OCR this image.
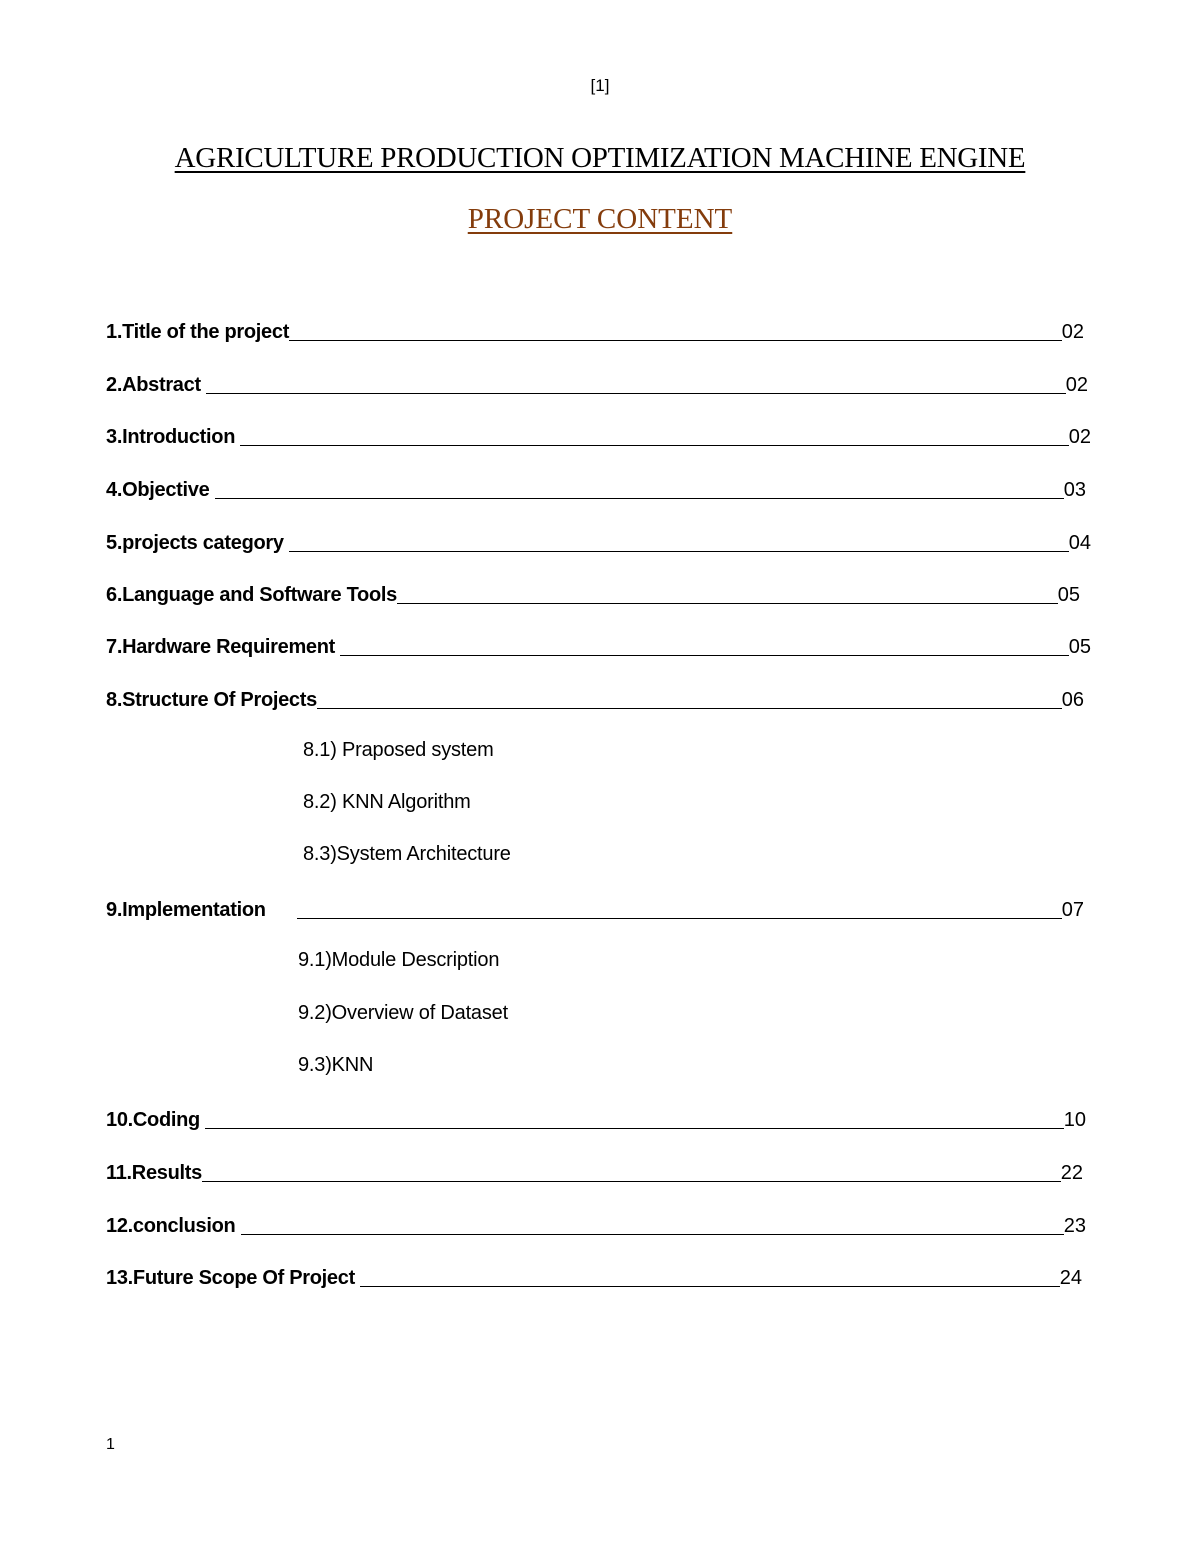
[1]
AGRICULTURE PRODUCTION OPTIMIZATION MACHINE ENGINE
PROJECT CONTENT
1.Title of the project	02
2.Abstract	02
3.Introduction	02
4.Objective	03
5.projects category	04
6.Language and Software Tools	05
7.Hardware Requirement	05
8.Structure Of Projects	06
8.1) Praposed system
8.2) KNN Algorithm
8.3)System Architecture
9.Implementation	07
9.1)Module Description
9.2)Overview of Dataset
9.3)KNN
10.Coding	10
11.Results	22
12.conclusion	23
13.Future Scope Of Project	24
1
